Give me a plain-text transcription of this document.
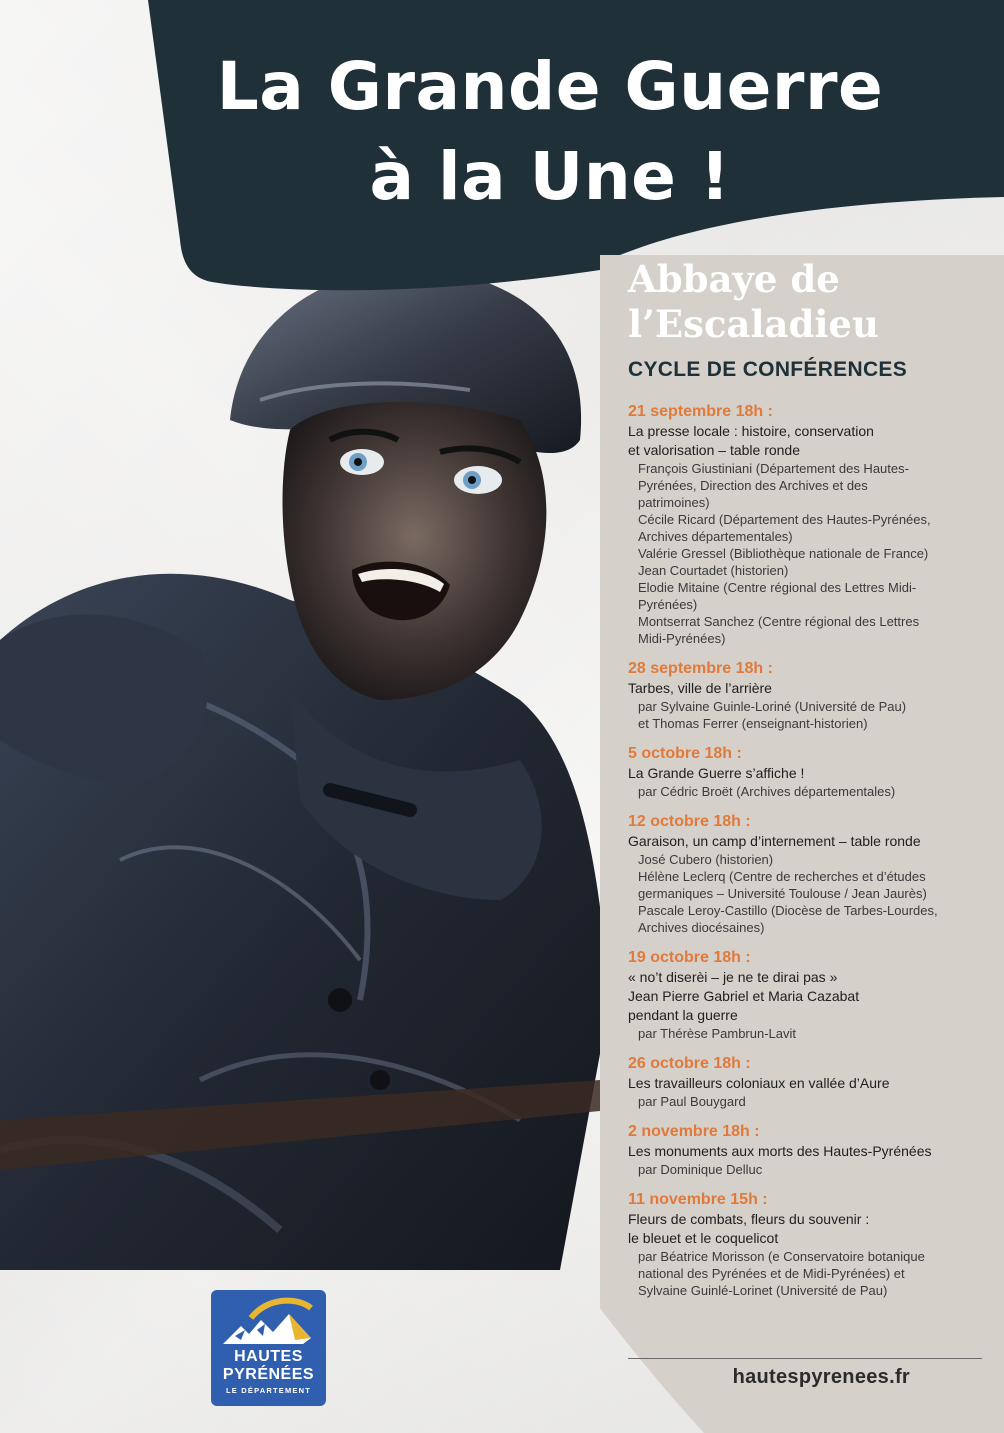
La Grande Guerre
à la Une !
Abbaye de
l’Escaladieu
CYCLE DE CONFÉRENCES
21 septembre 18h :
La presse locale : histoire, conservation
et valorisation – table ronde
François Giustiniani (Département des Hautes-
Pyrénées, Direction des Archives et des
patrimoines)
Cécile Ricard (Département des Hautes-Pyrénées,
Archives départementales)
Valérie Gressel (Bibliothèque nationale de France)
Jean Courtadet (historien)
Elodie Mitaine (Centre régional des Lettres Midi-
Pyrénées)
Montserrat Sanchez (Centre régional des Lettres
Midi-Pyrénées)
28 septembre 18h :
Tarbes, ville de l’arrière
par Sylvaine Guinle-Loriné (Université de Pau)
et Thomas Ferrer (enseignant-historien)
5 octobre 18h :
La Grande Guerre s’affiche !
par Cédric Broët (Archives départementales)
12 octobre 18h :
Garaison, un camp d’internement – table ronde
José Cubero (historien)
Hélène Leclerq (Centre de recherches et d’études
germaniques – Université Toulouse / Jean Jaurès)
Pascale Leroy-Castillo (Diocèse de Tarbes-Lourdes,
Archives diocésaines)
19 octobre 18h :
« no’t diserèi – je ne te dirai pas »
Jean Pierre Gabriel et Maria Cazabat
pendant la guerre
par Thérèse Pambrun-Lavit
26 octobre 18h :
Les travailleurs coloniaux en vallée d’Aure
par Paul Bouygard
2 novembre 18h :
Les monuments aux morts des Hautes-Pyrénées
par Dominique Delluc
11 novembre 15h :
Fleurs de combats, fleurs du souvenir :
le bleuet et le coquelicot
par Béatrice Morisson (e Conservatoire botanique
national des Pyrénées et de Midi-Pyrénées) et
Sylvaine Guinlé-Lorinet (Université de Pau)
hautespyrenees.fr
HAUTES
PYRÉNÉES
LE DÉPARTEMENT
